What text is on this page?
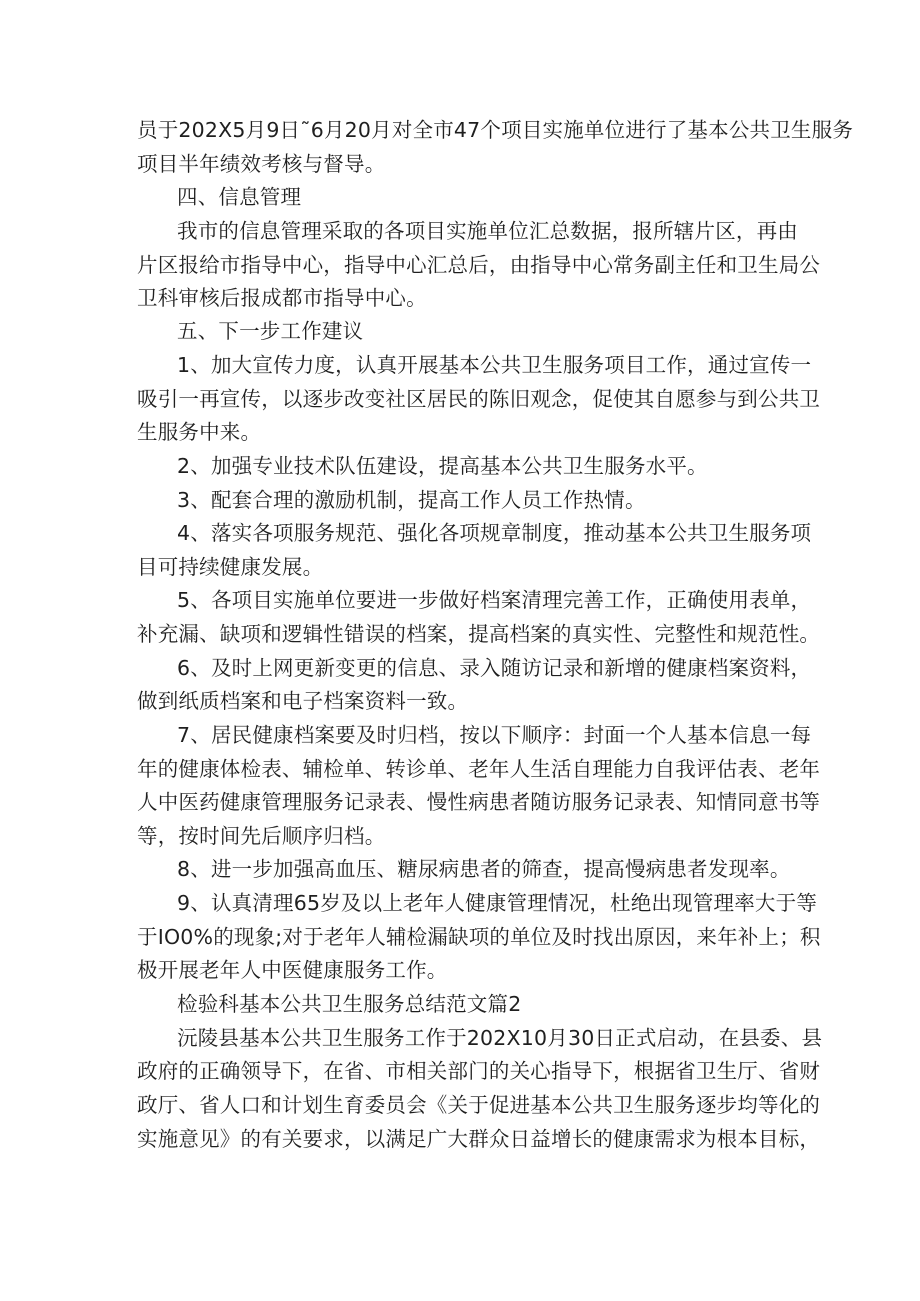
员于202X5月9日˜6月20月对全市47个项目实施单位进行了基本公共卫生服务
项目半年绩效考核与督导。
四、信息管理
我市的信息管理采取的各项目实施单位汇总数据，报所辖片区，再由
片区报给市指导中心，指导中心汇总后，由指导中心常务副主任和卫生局公
卫科审核后报成都市指导中心。
五、下一步工作建议
1、加大宣传力度，认真开展基本公共卫生服务项目工作，通过宣传一
吸引一再宣传，以逐步改变社区居民的陈旧观念，促使其自愿参与到公共卫
生服务中来。
2、加强专业技术队伍建设，提高基本公共卫生服务水平。
3、配套合理的激励机制，提高工作人员工作热情。
4、落实各项服务规范、强化各项规章制度，推动基本公共卫生服务项
目可持续健康发展。
5、各项目实施单位要进一步做好档案清理完善工作，正确使用表单，
补充漏、缺项和逻辑性错误的档案，提高档案的真实性、完整性和规范性。
6、及时上网更新变更的信息、录入随访记录和新增的健康档案资料，
做到纸质档案和电子档案资料一致。
7、居民健康档案要及时归档，按以下顺序：封面一个人基本信息一每
年的健康体检表、辅检单、转诊单、老年人生活自理能力自我评估表、老年
人中医药健康管理服务记录表、慢性病患者随访服务记录表、知情同意书等
等，按时间先后顺序归档。
8、进一步加强高血压、糖尿病患者的筛查，提高慢病患者发现率。
9、认真清理65岁及以上老年人健康管理情况，杜绝出现管理率大于等
于IO0%的现象;对于老年人辅检漏缺项的单位及时找出原因，来年补上；积
极开展老年人中医健康服务工作。
检验科基本公共卫生服务总结范文篇2
沅陵县基本公共卫生服务工作于202X10月30日正式启动，在县委、县
政府的正确领导下，在省、市相关部门的关心指导下，根据省卫生厅、省财
政厅、省人口和计划生育委员会《关于促进基本公共卫生服务逐步均等化的
实施意见》的有关要求，以满足广大群众日益增长的健康需求为根本目标，
